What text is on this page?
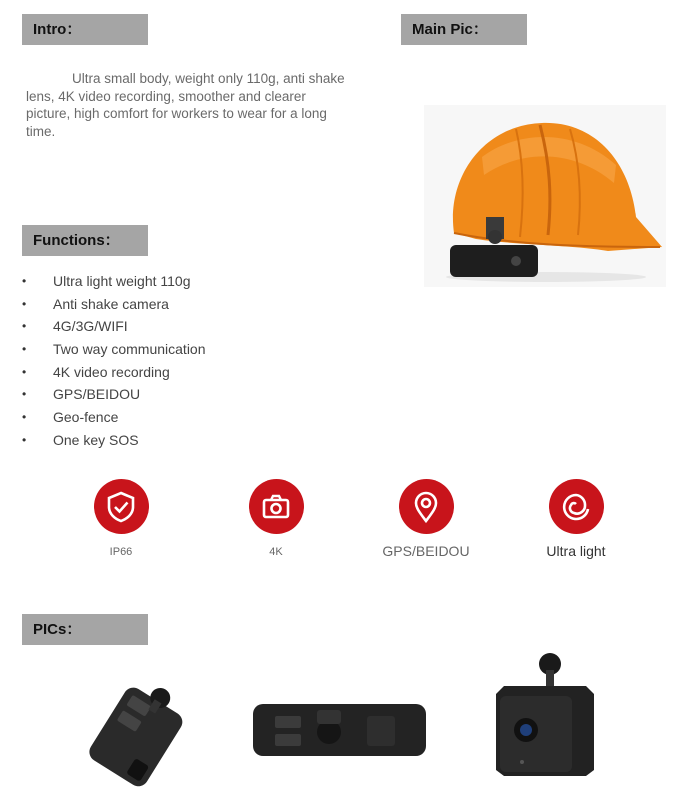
Intro：
Ultra small body, weight only 110g, anti shake lens, 4K video recording, smoother and clearer picture, high comfort for workers to wear for a long time.
Main Pic：
Functions：
• Ultra light weight 110g
• Anti shake camera
• 4G/3G/WIFI
• Two way communication
• 4K video recording
• GPS/BEIDOU
• Geo-fence
• One key SOS
IP66	4K	GPS/BEIDOU	Ultra light
PICs：
